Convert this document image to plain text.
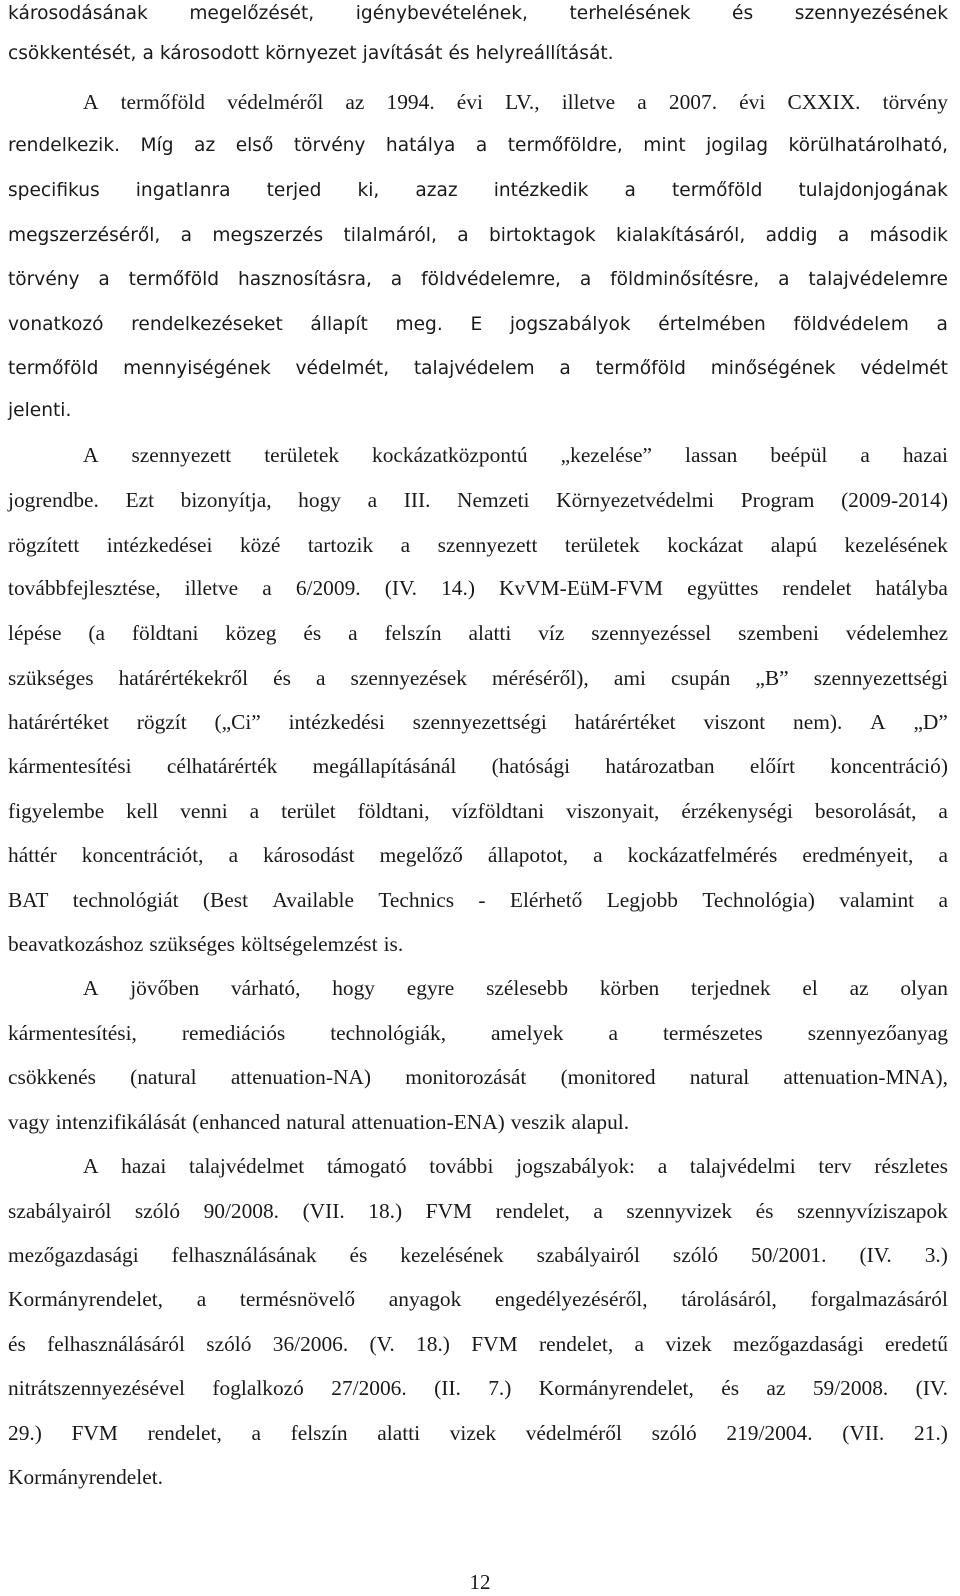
károsodásának megelőzését, igénybevételének, terhelésének és szennyezésének
csökkentését, a károsodott környezet javítását és helyreállítását.
A termőföld védelméről az 1994. évi LV., illetve a 2007. évi CXXIX. törvény
rendelkezik. Míg az első törvény hatálya a termőföldre, mint jogilag körülhatárolható,
specifikus ingatlanra terjed ki, azaz intézkedik a termőföld tulajdonjogának
megszerzéséről, a megszerzés tilalmáról, a birtoktagok kialakításáról, addig a második
törvény a termőföld hasznosításra, a földvédelemre, a földminősítésre, a talajvédelemre
vonatkozó rendelkezéseket állapít meg. E jogszabályok értelmében földvédelem a
termőföld mennyiségének védelmét, talajvédelem a termőföld minőségének védelmét
jelenti.
A szennyezett területek kockázatközpontú „kezelése” lassan beépül a hazai
jogrendbe. Ezt bizonyítja, hogy a III. Nemzeti Környezetvédelmi Program (2009-2014)
rögzített intézkedései közé tartozik a szennyezett területek kockázat alapú kezelésének
továbbfejlesztése, illetve a 6/2009. (IV. 14.) KvVM-EüM-FVM együttes rendelet hatályba
lépése (a földtani közeg és a felszín alatti víz szennyezéssel szembeni védelemhez
szükséges határértékekről és a szennyezések méréséről), ami csupán „B” szennyezettségi
határértéket rögzít („Ci” intézkedési szennyezettségi határértéket viszont nem). A „D”
kármentesítési célhatárérték megállapításánál (hatósági határozatban előírt koncentráció)
figyelembe kell venni a terület földtani, vízföldtani viszonyait, érzékenységi besorolását, a
háttér koncentrációt, a károsodást megelőző állapotot, a kockázatfelmérés eredményeit, a
BAT technológiát (Best Available Technics - Elérhető Legjobb Technológia) valamint a
beavatkozáshoz szükséges költségelemzést is.
A jövőben várható, hogy egyre szélesebb körben terjednek el az olyan
kármentesítési, remediációs technológiák, amelyek a természetes szennyezőanyag
csökkenés (natural attenuation-NA) monitorozását (monitored natural attenuation-MNA),
vagy intenzifikálását (enhanced natural attenuation-ENA) veszik alapul.
A hazai talajvédelmet támogató további jogszabályok: a talajvédelmi terv részletes
szabályairól szóló 90/2008. (VII. 18.) FVM rendelet, a szennyvizek és szennyvíziszapok
mezőgazdasági felhasználásának és kezelésének szabályairól szóló 50/2001. (IV. 3.)
Kormányrendelet, a termésnövelő anyagok engedélyezéséről, tárolásáról, forgalmazásáról
és felhasználásáról szóló 36/2006. (V. 18.) FVM rendelet, a vizek mezőgazdasági eredetű
nitrátszennyezésével foglalkozó 27/2006. (II. 7.) Kormányrendelet, és az 59/2008. (IV.
29.) FVM rendelet, a felszín alatti vizek védelméről szóló 219/2004. (VII. 21.)
Kormányrendelet.
12
